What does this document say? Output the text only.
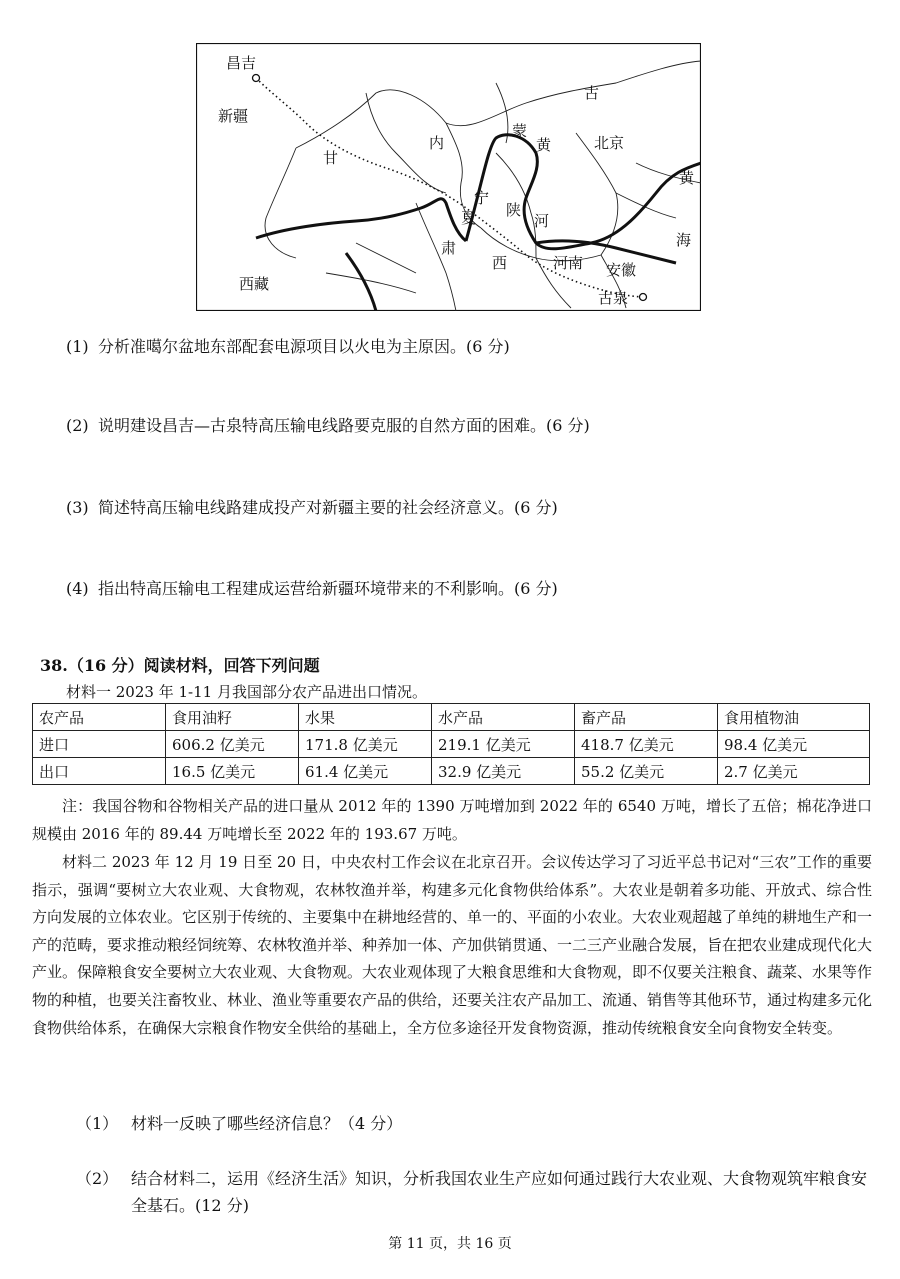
昌吉
新疆
古
内
蒙
甘
黄	北京
黄
宁
夏 陕
河
海
肃
西	河南 安徽
西藏
古泉
(1) 分析准噶尔盆地东部配套电源项目以火电为主原因。(6 分)
(2) 说明建设昌吉—古泉特高压输电线路要克服的自然方面的困难。(6 分)
(3) 简述特高压输电线路建成投产对新疆主要的社会经济意义。(6 分)
(4) 指出特高压输电工程建成运营给新疆环境带来的不利影响。(6 分)
38.（16 分）阅读材料，回答下列问题
材料一 2023 年 1-11 月我国部分农产品进出口情况。
农产品	食用油籽	水果	水产品	畜产品	食用植物油
进口	606.2 亿美元	171.8 亿美元	219.1 亿美元	418.7 亿美元	98.4 亿美元
出口	16.5 亿美元	61.4 亿美元	32.9 亿美元	55.2 亿美元	2.7 亿美元
注：我国谷物和谷物相关产品的进口量从 2012 年的 1390 万吨增加到 2022 年的 6540 万吨，增长了五倍；棉花净进口规模由 2016 年的 89.44 万吨增长至 2022 年的 193.67 万吨。
材料二 2023 年 12 月 19 日至 20 日，中央农村工作会议在北京召开。会议传达学习了习近平总书记对“三农”工作的重要指示，强调“要树立大农业观、大食物观，农林牧渔并举，构建多元化食物供给体系”。大农业是朝着多功能、开放式、综合性方向发展的立体农业。它区别于传统的、主要集中在耕地经营的、单一的、平面的小农业。大农业观超越了单纯的耕地生产和一产的范畴，要求推动粮经饲统筹、农林牧渔并举、种养加一体、产加供销贯通、一二三产业融合发展，旨在把农业建成现代化大产业。保障粮食安全要树立大农业观、大食物观。大农业观体现了大粮食思维和大食物观，即不仅要关注粮食、蔬菜、水果等作物的种植，也要关注畜牧业、林业、渔业等重要农产品的供给，还要关注农产品加工、流通、销售等其他环节，通过构建多元化食物供给体系，在确保大宗粮食作物安全供给的基础上，全方位多途径开发食物资源，推动传统粮食安全向食物安全转变。
（1） 材料一反映了哪些经济信息？（4 分）
（2） 结合材料二，运用《经济生活》知识，分析我国农业生产应如何通过践行大农业观、大食物观筑牢粮食安全基石。(12 分)
第 11 页，共 16 页
